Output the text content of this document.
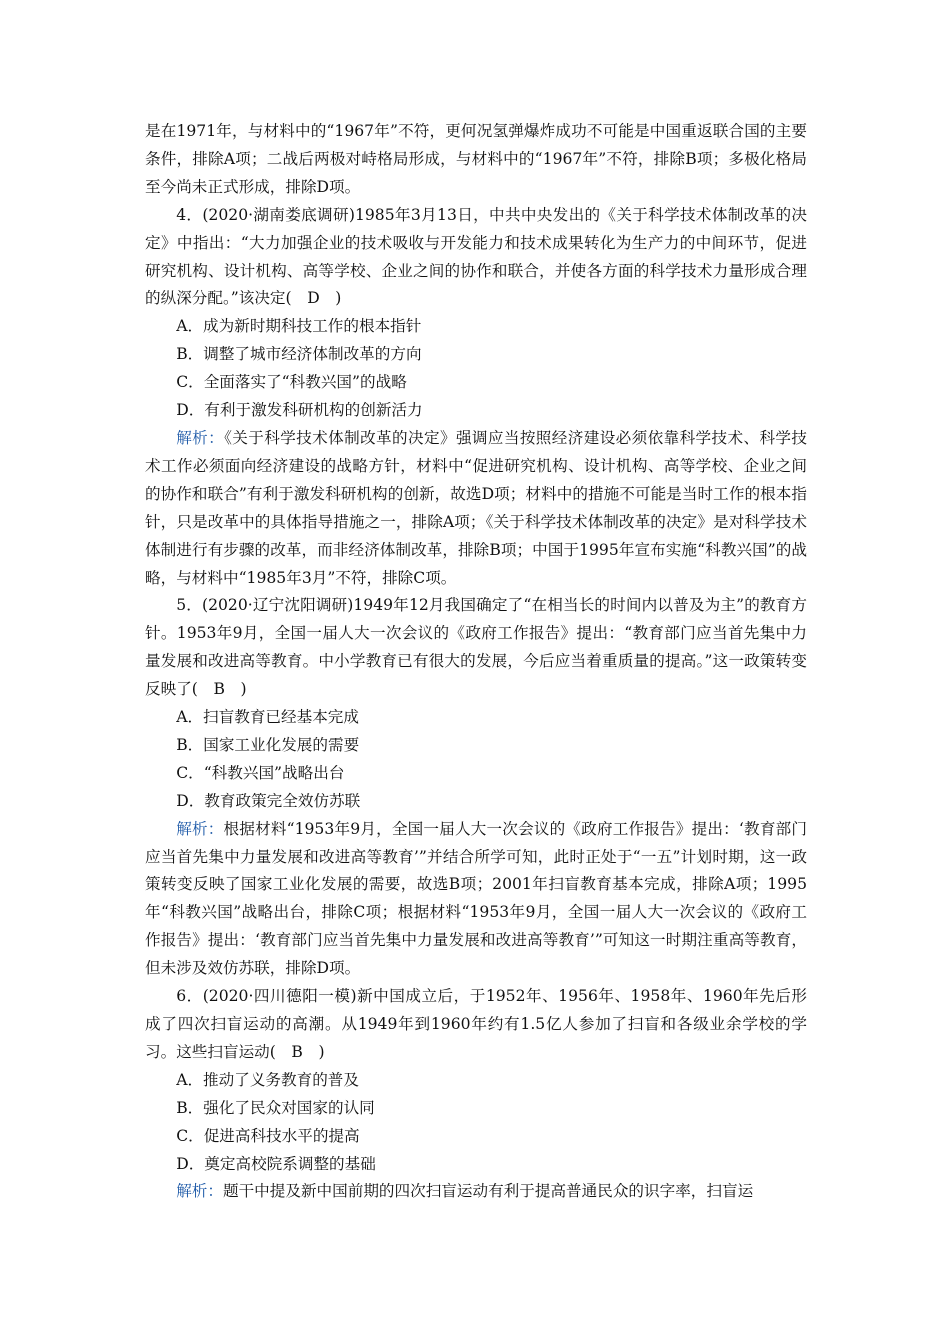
是在1971年，与材料中的“1967年”不符，更何况氢弹爆炸成功不可能是中国重返联合国的主要条件，排除A项；二战后两极对峙格局形成，与材料中的“1967年”不符，排除B项；多极化格局至今尚未正式形成，排除D项。

4．(2020·湖南娄底调研)1985年3月13日，中共中央发出的《关于科学技术体制改革的决定》中指出：“大力加强企业的技术吸收与开发能力和技术成果转化为生产力的中间环节，促进研究机构、设计机构、高等学校、企业之间的协作和联合，并使各方面的科学技术力量形成合理的纵深分配。”该决定(　D　)

A．成为新时期科技工作的根本指针

B．调整了城市经济体制改革的方向

C．全面落实了“科教兴国”的战略

D．有利于激发科研机构的创新活力

解析：《关于科学技术体制改革的决定》强调应当按照经济建设必须依靠科学技术、科学技术工作必须面向经济建设的战略方针，材料中“促进研究机构、设计机构、高等学校、企业之间的协作和联合”有利于激发科研机构的创新，故选D项；材料中的措施不可能是当时工作的根本指针，只是改革中的具体指导措施之一，排除A项；《关于科学技术体制改革的决定》是对科学技术体制进行有步骤的改革，而非经济体制改革，排除B项；中国于1995年宣布实施“科教兴国”的战略，与材料中“1985年3月”不符，排除C项。

5．(2020·辽宁沈阳调研)1949年12月我国确定了“在相当长的时间内以普及为主”的教育方针。1953年9月，全国一届人大一次会议的《政府工作报告》提出：“教育部门应当首先集中力量发展和改进高等教育。中小学教育已有很大的发展，今后应当着重质量的提高。”这一政策转变反映了(　B　)

A．扫盲教育已经基本完成

B．国家工业化发展的需要

C．“科教兴国”战略出台

D．教育政策完全效仿苏联

解析：根据材料“1953年9月，全国一届人大一次会议的《政府工作报告》提出：‘教育部门应当首先集中力量发展和改进高等教育’”并结合所学可知，此时正处于“一五”计划时期，这一政策转变反映了国家工业化发展的需要，故选B项；2001年扫盲教育基本完成，排除A项；1995年“科教兴国”战略出台，排除C项；根据材料“1953年9月，全国一届人大一次会议的《政府工作报告》提出：‘教育部门应当首先集中力量发展和改进高等教育’”可知这一时期注重高等教育，但未涉及效仿苏联，排除D项。

6．(2020·四川德阳一模)新中国成立后，于1952年、1956年、1958年、1960年先后形成了四次扫盲运动的高潮。从1949年到1960年约有1.5亿人参加了扫盲和各级业余学校的学习。这些扫盲运动(　B　)

A．推动了义务教育的普及

B．强化了民众对国家的认同

C．促进高科技水平的提高

D．奠定高校院系调整的基础

解析：题干中提及新中国前期的四次扫盲运动有利于提高普通民众的识字率，扫盲运
